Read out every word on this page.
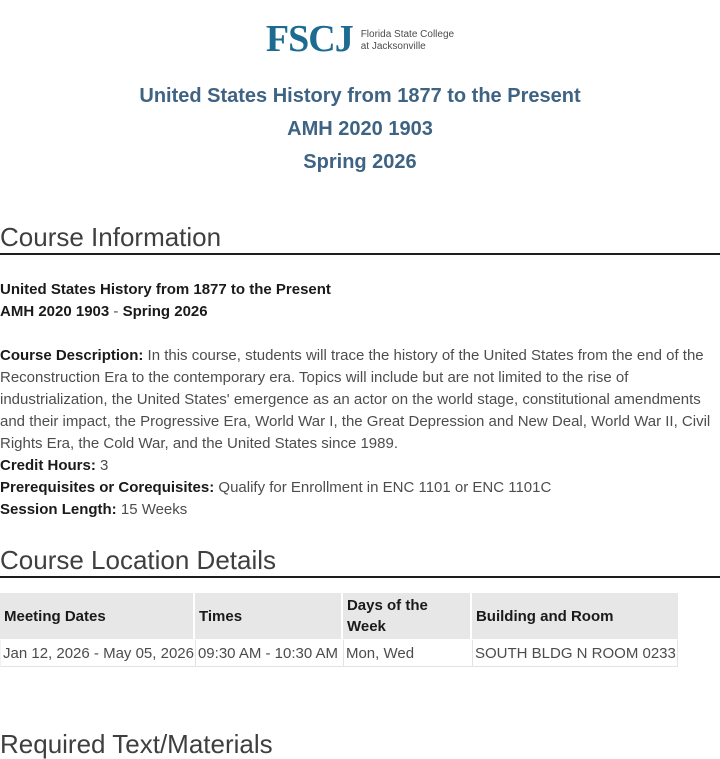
FSCJ Florida State College
at Jacksonville
United States History from 1877 to the Present
AMH 2020 1903
Spring 2026
Course Information

United States History from 1877 to the Present
AMH 2020 1903 - Spring 2026

Course Description: In this course, students will trace the history of the United States from the end of the Reconstruction Era to the contemporary era. Topics will include but are not limited to the rise of industrialization, the United States' emergence as an actor on the world stage, constitutional amendments and their impact, the Progressive Era, World War I, the Great Depression and New Deal, World War II, Civil Rights Era, the Cold War, and the United States since 1989.
Credit Hours: 3
Prerequisites or Corequisites: Qualify for Enrollment in ENC 1101 or ENC 1101C
Session Length: 15 Weeks

Course Location Details
Meeting Dates	Times	Days of the Week	Building and Room
Jan 12, 2026 - May 05, 2026	09:30 AM - 10:30 AM	Mon, Wed	SOUTH BLDG N ROOM 0233
Required Text/Materials
